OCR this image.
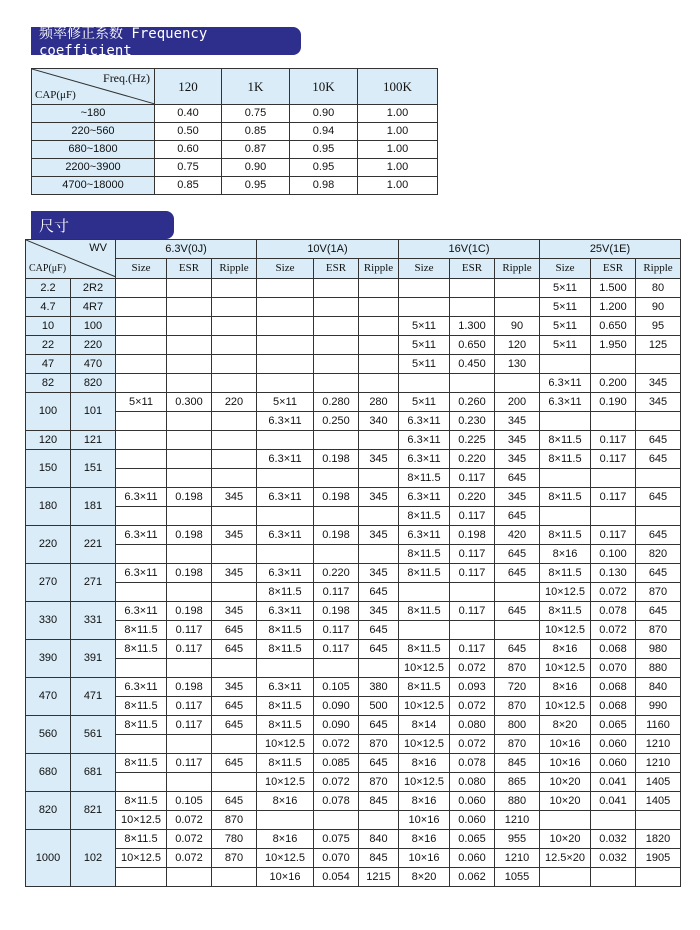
频率修正系数 Frequency coefficient
Freq.(Hz)
CAP(μF)	120	1K	10K	100K
~180	0.40	0.75	0.90	1.00
220~560	0.50	0.85	0.94	1.00
680~1800	0.60	0.87	0.95	1.00
2200~3900	0.75	0.90	0.95	1.00
4700~18000	0.85	0.95	0.98	1.00
尺寸
WV
CAP(μF)		6.3V(0J)			10V(1A)			16V(1C)			25V(1E)		
		Size	ESR	Ripple	Size	ESR	Ripple	Size	ESR	Ripple	Size	ESR	Ripple
2.2	2R2										5×11	1.500	80
4.7	4R7										5×11	1.200	90
10	100							5×11	1.300	90	5×11	0.650	95
22	220							5×11	0.650	120	5×11	1.950	125
47	470							5×11	0.450	130			
82	820										6.3×11	0.200	345
100	101	5×11	0.300	220	5×11	0.280	280	5×11	0.260	200	6.3×11	0.190	345
					6.3×11	0.250	340	6.3×11	0.230	345			
120	121							6.3×11	0.225	345	8×11.5	0.117	645
150	151				6.3×11	0.198	345	6.3×11	0.220	345	8×11.5	0.117	645
								8×11.5	0.117	645			
180	181	6.3×11	0.198	345	6.3×11	0.198	345	6.3×11	0.220	345	8×11.5	0.117	645
								8×11.5	0.117	645			
220	221	6.3×11	0.198	345	6.3×11	0.198	345	6.3×11	0.198	420	8×11.5	0.117	645
								8×11.5	0.117	645	8×16	0.100	820
270	271	6.3×11	0.198	345	6.3×11	0.220	345	8×11.5	0.117	645	8×11.5	0.130	645
					8×11.5	0.117	645				10×12.5	0.072	870
330	331	6.3×11	0.198	345	6.3×11	0.198	345	8×11.5	0.117	645	8×11.5	0.078	645
		8×11.5	0.117	645	8×11.5	0.117	645				10×12.5	0.072	870
390	391	8×11.5	0.117	645	8×11.5	0.117	645	8×11.5	0.117	645	8×16	0.068	980
								10×12.5	0.072	870	10×12.5	0.070	880
470	471	6.3×11	0.198	345	6.3×11	0.105	380	8×11.5	0.093	720	8×16	0.068	840
		8×11.5	0.117	645	8×11.5	0.090	500	10×12.5	0.072	870	10×12.5	0.068	990
560	561	8×11.5	0.117	645	8×11.5	0.090	645	8×14	0.080	800	8×20	0.065	1160
					10×12.5	0.072	870	10×12.5	0.072	870	10×16	0.060	1210
680	681	8×11.5	0.117	645	8×11.5	0.085	645	8×16	0.078	845	10×16	0.060	1210
					10×12.5	0.072	870	10×12.5	0.080	865	10×20	0.041	1405
820	821	8×11.5	0.105	645	8×16	0.078	845	8×16	0.060	880	10×20	0.041	1405
		10×12.5	0.072	870				10×16	0.060	1210			
1000	102	8×11.5	0.072	780	8×16	0.075	840	8×16	0.065	955	10×20	0.032	1820
		10×12.5	0.072	870	10×12.5	0.070	845	10×16	0.060	1210	12.5×20	0.032	1905
					10×16	0.054	1215	8×20	0.062	1055			
